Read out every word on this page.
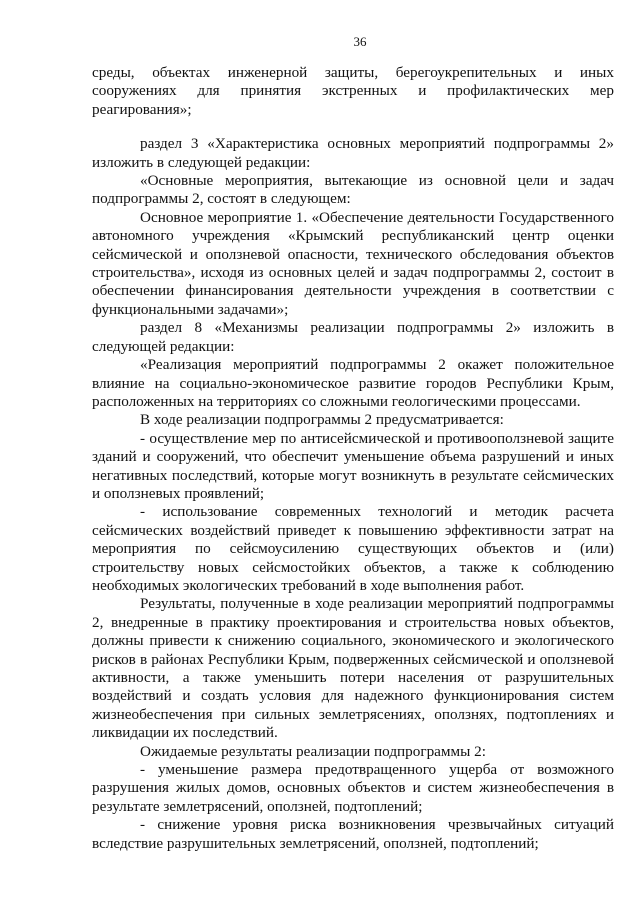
36

среды, объектах инженерной защиты, берегоукрепительных и иных сооружениях для принятия экстренных и профилактических мер реагирования»;

раздел 3 «Характеристика основных мероприятий подпрограммы 2» изложить в следующей редакции:

«Основные мероприятия, вытекающие из основной цели и задач подпрограммы 2, состоят в следующем:

Основное мероприятие 1. «Обеспечение деятельности Государственного автономного учреждения «Крымский республиканский центр оценки сейсмической и оползневой опасности, технического обследования объектов строительства», исходя из основных целей и задач подпрограммы 2, состоит в обеспечении финансирования деятельности учреждения в соответствии с функциональными задачами»;

раздел 8 «Механизмы реализации подпрограммы 2» изложить в следующей редакции:

«Реализация мероприятий подпрограммы 2 окажет положительное влияние на социально-экономическое развитие городов Республики Крым, расположенных на территориях со сложными геологическими процессами.

В ходе реализации подпрограммы 2 предусматривается:

- осуществление мер по антисейсмической и противооползневой защите зданий и сооружений, что обеспечит уменьшение объема разрушений и иных негативных последствий, которые могут возникнуть в результате сейсмических и оползневых проявлений;

- использование современных технологий и методик расчета сейсмических воздействий приведет к повышению эффективности затрат на мероприятия по сейсмоусилению существующих объектов и (или) строительству новых сейсмостойких объектов, а также к соблюдению необходимых экологических требований в ходе выполнения работ.

Результаты, полученные в ходе реализации мероприятий подпрограммы 2, внедренные в практику проектирования и строительства новых объектов, должны привести к снижению социального, экономического и экологического рисков в районах Республики Крым, подверженных сейсмической и оползневой активности, а также уменьшить потери населения от разрушительных воздействий и создать условия для надежного функционирования систем жизнеобеспечения при сильных землетрясениях, оползнях, подтоплениях и ликвидации их последствий.

Ожидаемые результаты реализации подпрограммы 2:

- уменьшение размера предотвращенного ущерба от возможного разрушения жилых домов, основных объектов и систем жизнеобеспечения в результате землетрясений, оползней, подтоплений;

- снижение уровня риска возникновения чрезвычайных ситуаций вследствие разрушительных землетрясений, оползней, подтоплений;
